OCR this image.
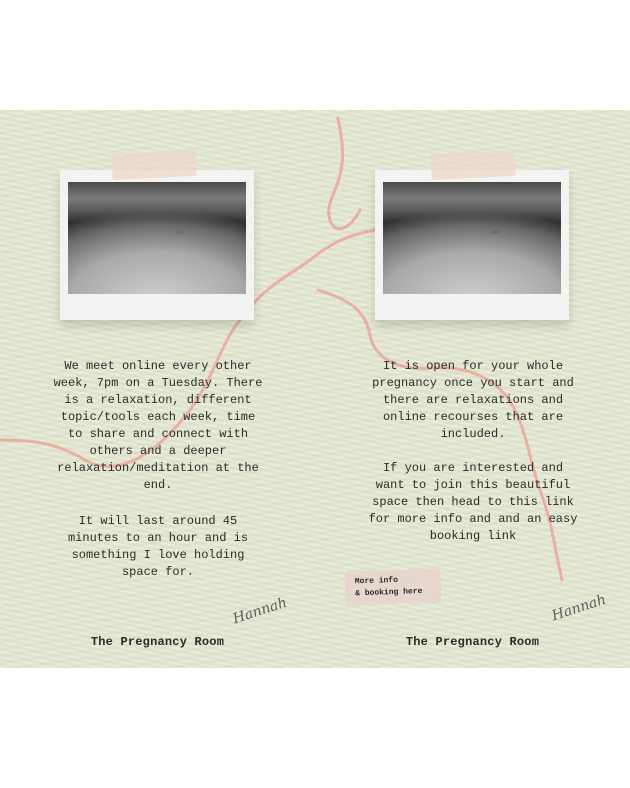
We meet online every other
week, 7pm on a Tuesday. There
is a relaxation, different
topic/tools each week, time
to share and connect with
others and a deeper
relaxation/meditation at the
end.
It will last around 45
minutes to an hour and is
something I love holding
space for.
Hannah
The Pregnancy Room
It is open for your whole
pregnancy once you start and
there are relaxations and
online recourses that are
included.
If you are interested and
want to join this beautiful
space then head to this link
for more info and and an easy
booking link
More info
& booking here	Hannah
The Pregnancy Room
